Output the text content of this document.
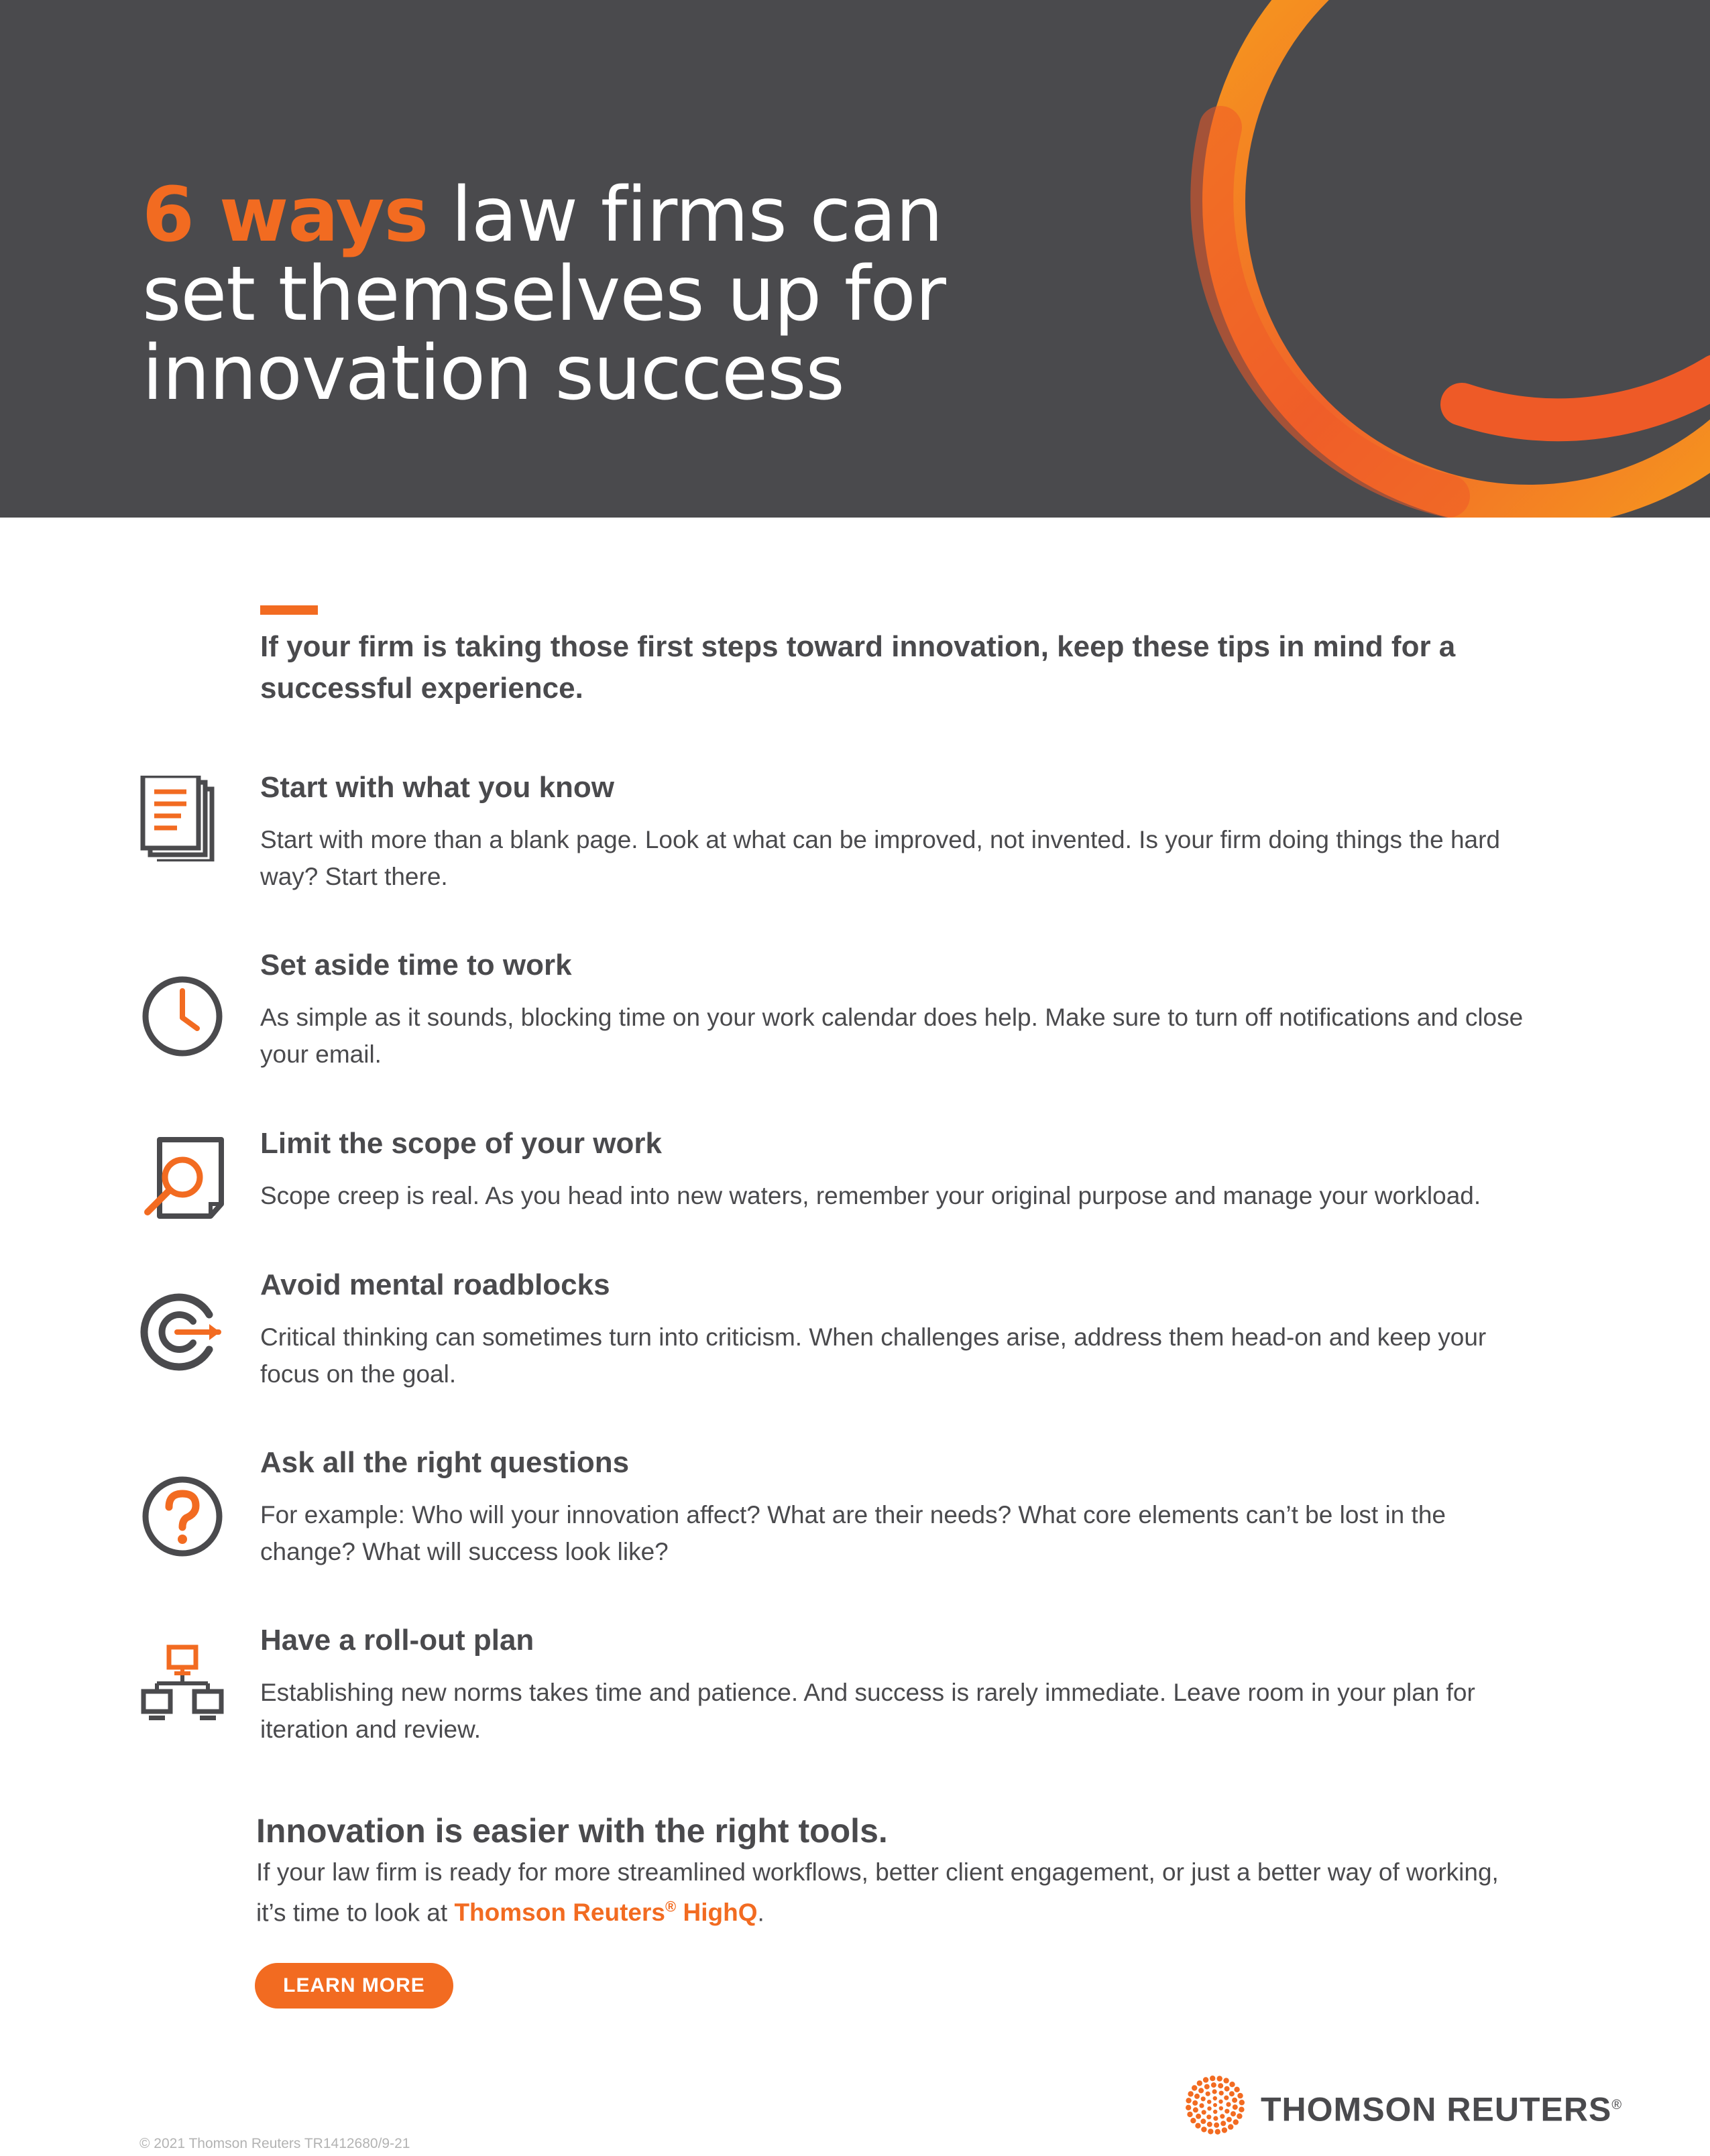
6 ways law firms can
set themselves up for
innovation success

If your firm is taking those first steps toward innovation, keep these tips in mind for a successful experience.

Start with what you know

Start with more than a blank page. Look at what can be improved, not invented. Is your firm doing things the hard way? Start there.

Set aside time to work

As simple as it sounds, blocking time on your work calendar does help. Make sure to turn off notifications and close your email.

Limit the scope of your work

Scope creep is real. As you head into new waters, remember your original purpose and manage your workload.

Avoid mental roadblocks

Critical thinking can sometimes turn into criticism. When challenges arise, address them head-on and keep your focus on the goal.

Ask all the right questions

For example: Who will your innovation affect? What are their needs? What core elements can’t be lost in the change? What will success look like?

Have a roll-out plan

Establishing new norms takes time and patience. And success is rarely immediate. Leave room in your plan for iteration and review.

Innovation is easier with the right tools.

If your law firm is ready for more streamlined workflows, better client engagement, or just a better way of working, it’s time to look at Thomson Reuters® HighQ.

LEARN MORE

THOMSON REUTERS®

© 2021 Thomson Reuters TR1412680/9-21
